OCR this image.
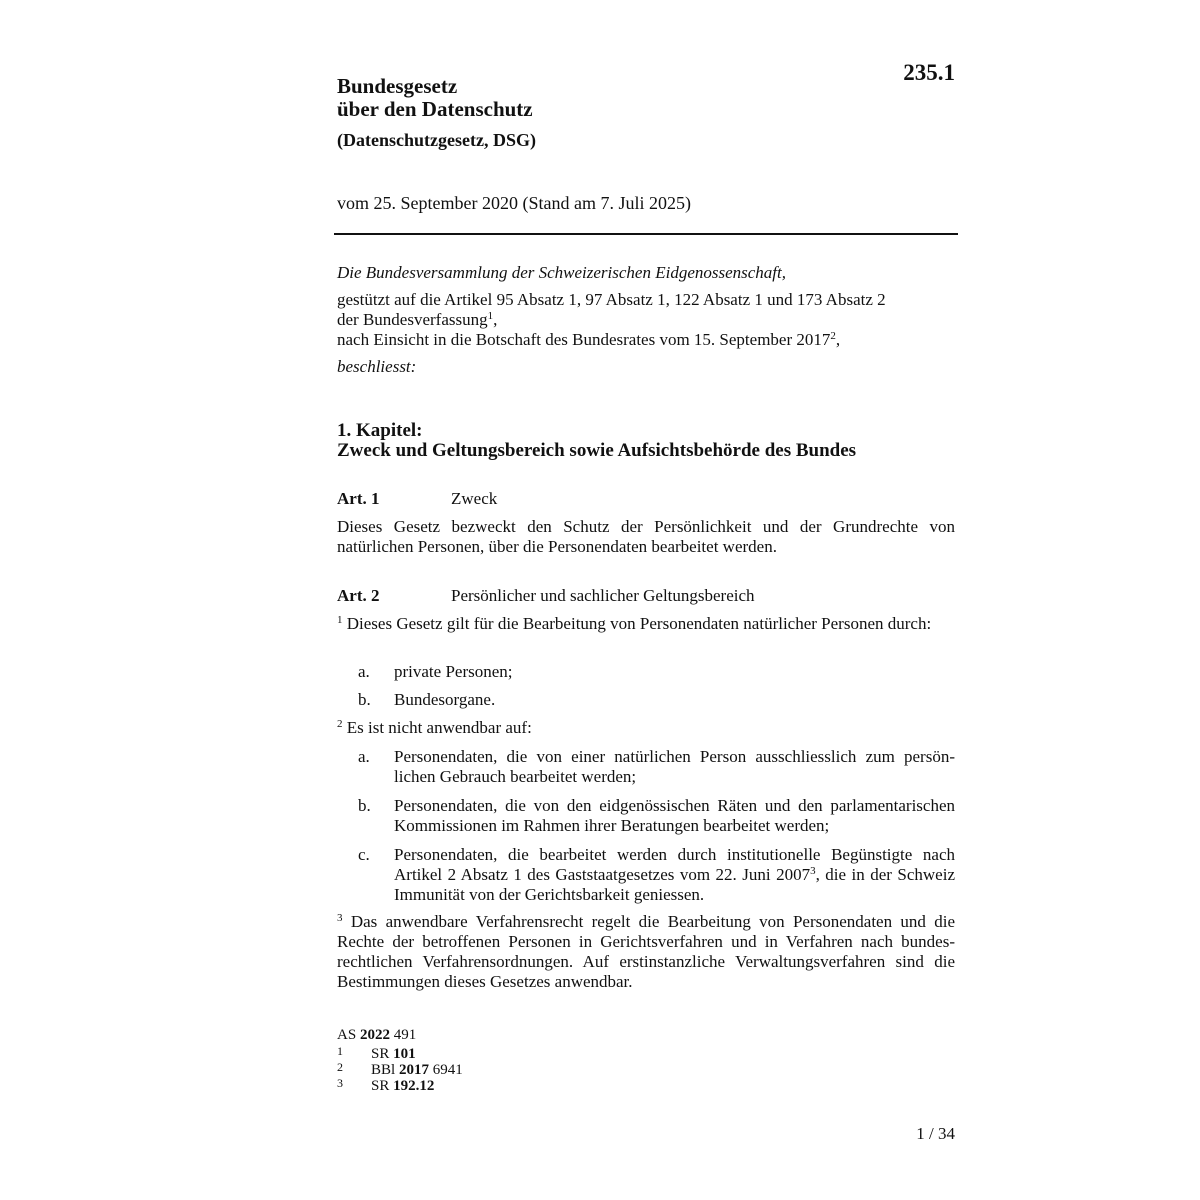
235.1
Bundesgesetz
über den Datenschutz
(Datenschutzgesetz, DSG)
vom 25. September 2020 (Stand am 7. Juli 2025)
Die Bundesversammlung der Schweizerischen Eidgenossenschaft,
gestützt auf die Artikel 95 Absatz 1, 97 Absatz 1, 122 Absatz 1 und 173 Absatz 2
der Bundesverfassung$^1$,
nach Einsicht in die Botschaft des Bundesrates vom 15. September 2017$^2$,
beschliesst:
1. Kapitel:
Zweck und Geltungsbereich sowie Aufsichtsbehörde des Bundes
Art. 1	Zweck
Dieses Gesetz bezweckt den Schutz der Persönlichkeit und der Grundrechte von natürlichen Personen, über die Personendaten bearbeitet werden.
Art. 2	Persönlicher und sachlicher Geltungsbereich
$^1$ Dieses Gesetz gilt für die Bearbeitung von Personendaten natürlicher Personen durch:
a. private Personen;
b. Bundesorgane.
$^2$ Es ist nicht anwendbar auf:
a. Personendaten, die von einer natürlichen Person ausschliesslich zum persön-lichen Gebrauch bearbeitet werden;
b. Personendaten, die von den eidgenössischen Räten und den parlamentarischen Kommissionen im Rahmen ihrer Beratungen bearbeitet werden;
c. Personendaten, die bearbeitet werden durch institutionelle Begünstigte nach Artikel 2 Absatz 1 des Gaststaatgesetzes vom 22. Juni 2007$^3$, die in der Schweiz Immunität von der Gerichtsbarkeit geniessen.
$^3$ Das anwendbare Verfahrensrecht regelt die Bearbeitung von Personendaten und die Rechte der betroffenen Personen in Gerichtsverfahren und in Verfahren nach bundes-rechtlichen Verfahrensordnungen. Auf erstinstanzliche Verwaltungsverfahren sind die Bestimmungen dieses Gesetzes anwendbar.
AS 2022 491
1 SR 101
2 BBl 2017 6941
3 SR 192.12
1 / 34
